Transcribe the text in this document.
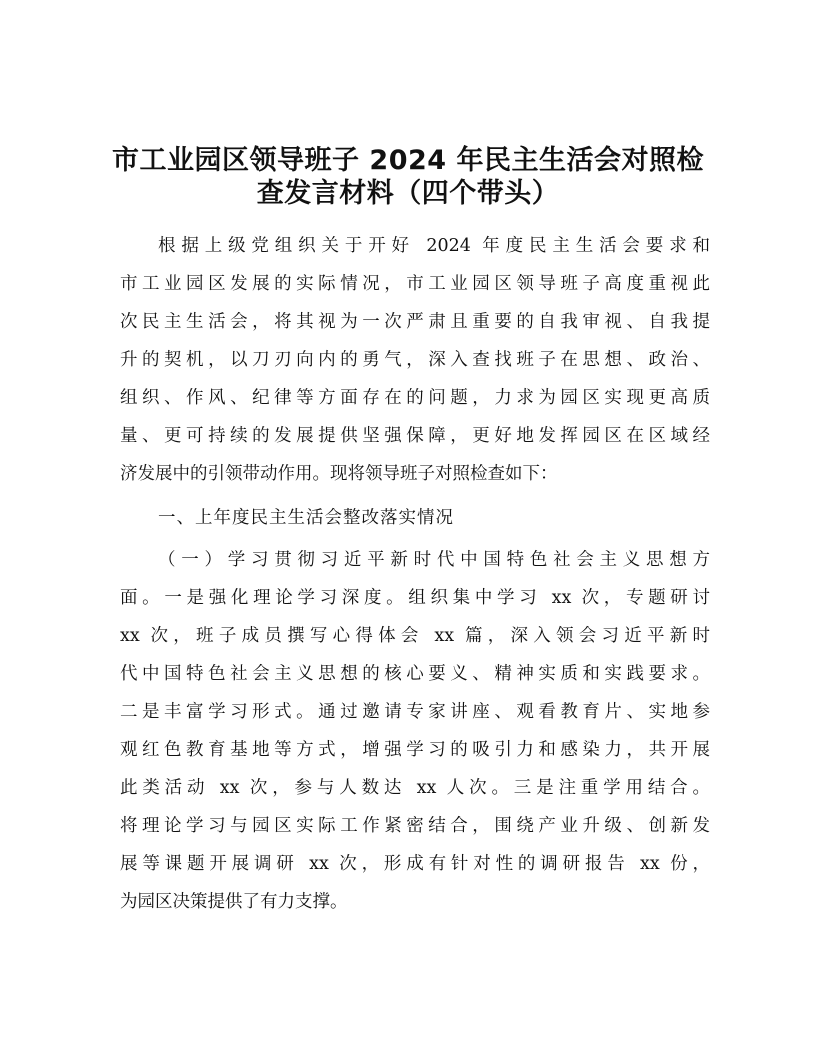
市工业园区领导班子 2024 年民主生活会对照检
查发言材料（四个带头）
根据上级党组织关于开好 2024 年度民主生活会要求和
市工业园区发展的实际情况，市工业园区领导班子高度重视此
次民主生活会，将其视为一次严肃且重要的自我审视、自我提
升的契机，以刀刃向内的勇气，深入查找班子在思想、政治、
组织、作风、纪律等方面存在的问题，力求为园区实现更高质
量、更可持续的发展提供坚强保障，更好地发挥园区在区域经
济发展中的引领带动作用。现将领导班子对照检查如下：
一、上年度民主生活会整改落实情况
（一）学习贯彻习近平新时代中国特色社会主义思想方
面。一是强化理论学习深度。组织集中学习 xx 次，专题研讨
xx 次，班子成员撰写心得体会 xx 篇，深入领会习近平新时
代中国特色社会主义思想的核心要义、精神实质和实践要求。
二是丰富学习形式。通过邀请专家讲座、观看教育片、实地参
观红色教育基地等方式，增强学习的吸引力和感染力，共开展
此类活动 xx 次，参与人数达 xx 人次。三是注重学用结合。
将理论学习与园区实际工作紧密结合，围绕产业升级、创新发
展等课题开展调研 xx 次，形成有针对性的调研报告 xx 份，
为园区决策提供了有力支撑。
